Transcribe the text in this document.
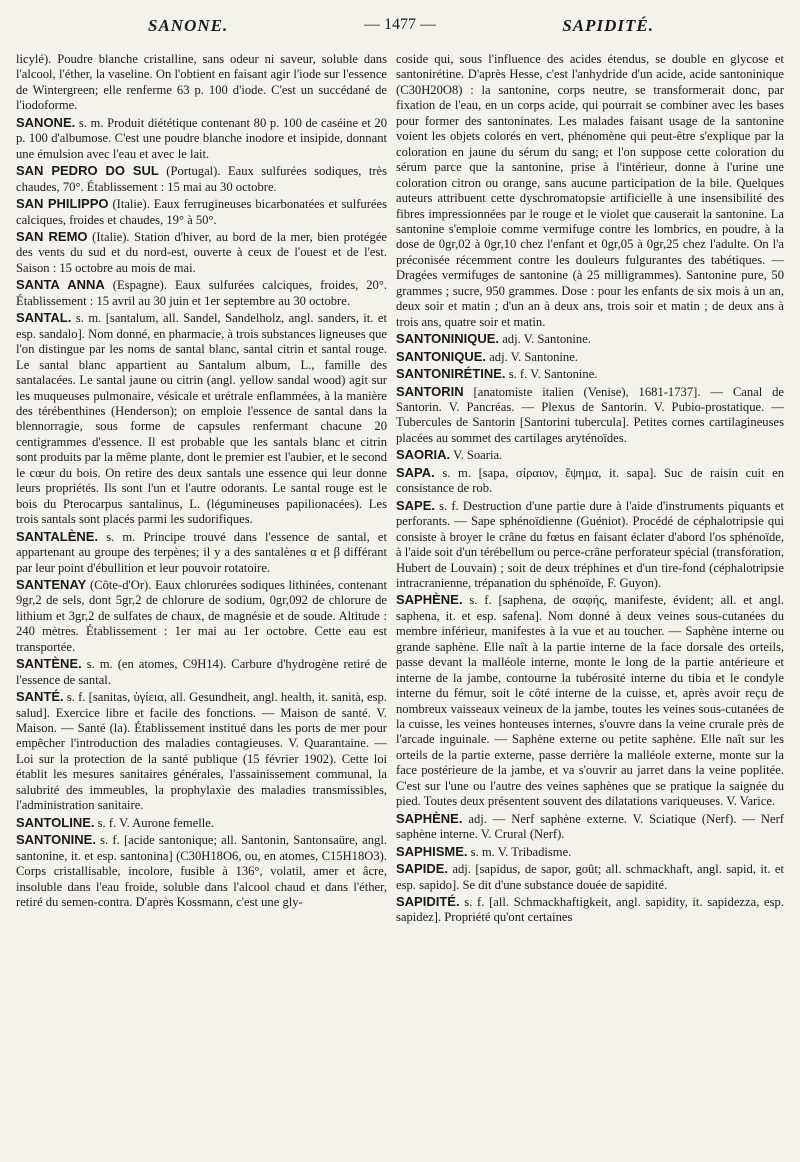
SANONE.	— 1477 —	SAPIDITÉ.

licylé). Poudre blanche cristalline, sans odeur ni saveur, soluble dans l'alcool, l'éther, la vaseline. On l'obtient en faisant agir l'iode sur l'essence de Wintergreen; elle renferme 63 p. 100 d'iode. C'est un succédané de l'iodoforme.

SANONE. s. m. Produit diététique contenant 80 p. 100 de caséine et 20 p. 100 d'albumose. C'est une poudre blanche inodore et insipide, donnant une émulsion avec l'eau et avec le lait.

SAN PEDRO DO SUL (Portugal). Eaux sulfurées sodiques, très chaudes, 70°. Établissement : 15 mai au 30 octobre.

SAN PHILIPPO (Italie). Eaux ferrugineuses bicarbonatées et sulfurées calciques, froides et chaudes, 19° à 50°.

SAN REMO (Italie). Station d'hiver, au bord de la mer, bien protégée des vents du sud et du nord-est, ouverte à ceux de l'ouest et de l'est. Saison : 15 octobre au mois de mai.

SANTA ANNA (Espagne). Eaux sulfurées calciques, froides, 20°. Établissement : 15 avril au 30 juin et 1er septembre au 30 octobre.

SANTAL. s. m. [santalum, all. Sandel, Sandelholz, angl. sanders, it. et esp. sandalo]. Nom donné, en pharmacie, à trois substances ligneuses que l'on distingue par les noms de santal blanc, santal citrin et santal rouge. Le santal blanc appartient au Santalum album, L., famille des santalacées. Le santal jaune ou citrin (angl. yellow sandal wood) agit sur les muqueuses pulmonaire, vésicale et urétrale enflammées, à la manière des térébenthines (Henderson); on emploie l'essence de santal dans la blennorragie, sous forme de capsules renfermant chacune 20 centigrammes d'essence. Il est probable que les santals blanc et citrin sont produits par la même plante, dont le premier est l'aubier, et le second le cœur du bois. On retire des deux santals une essence qui leur donne leurs propriétés. Ils sont l'un et l'autre odorants. Le santal rouge est le bois du Pterocarpus santalinus, L. (légumineuses papilionacées). Les trois santals sont placés parmi les sudorifiques.

SANTALÈNE. s. m. Principe trouvé dans l'essence de santal, et appartenant au groupe des terpènes; il y a des santalènes α et β différant par leur point d'ébullition et leur pouvoir rotatoire.

SANTENAY (Côte-d'Or). Eaux chlorurées sodiques lithinées, contenant 9gr,2 de sels, dont 5gr,2 de chlorure de sodium, 0gr,092 de chlorure de lithium et 3gr,2 de sulfates de chaux, de magnésie et de soude. Altitude : 240 mètres. Établissement : 1er mai au 1er octobre. Cette eau est transportée.

SANTÈNE. s. m. (en atomes, C9H14). Carbure d'hydrogène retiré de l'essence de santal.

SANTÉ. s. f. [sanitas, ὑγίεια, all. Gesundheit, angl. health, it. sanità, esp. salud]. Exercice libre et facile des fonctions. — Maison de santé. V. Maison. — Santé (la). Établissement institué dans les ports de mer pour empêcher l'introduction des maladies contagieuses. V. Quarantaine. — Loi sur la protection de la santé publique (15 février 1902). Cette loi établit les mesures sanitaires générales, l'assainissement communal, la salubrité des immeubles, la prophylaxie des maladies transmissibles, l'administration sanitaire.

SANTOLINE. s. f. V. Aurone femelle.

SANTONINE. s. f. [acide santonique; all. Santonin, Santonsaüre, angl. santonine, it. et esp. santonina] (C30H18O6, ou, en atomes, C15H18O3). Corps cristallisable, incolore, fusible à 136°, volatil, amer et âcre, insoluble dans l'eau froide, soluble dans l'alcool chaud et dans l'éther, retiré du semen-contra. D'après Kossmann, c'est une gly-

coside qui, sous l'influence des acides étendus, se double en glycose et santonirétine. D'après Hesse, c'est l'anhydride d'un acide, acide santoninique (C30H20O8) : la santonine, corps neutre, se transformerait donc, par fixation de l'eau, en un corps acide, qui pourrait se combiner avec les bases pour former des santoninates. Les malades faisant usage de la santonine voient les objets colorés en vert, phénomène qui peut-être s'explique par la coloration en jaune du sérum du sang; et l'on suppose cette coloration du sérum parce que la santonine, prise à l'intérieur, donne à l'urine une coloration citron ou orange, sans aucune participation de la bile. Quelques auteurs attribuent cette dyschromatopsie artificielle à une insensibilité des fibres impressionnées par le rouge et le violet que causerait la santonine. La santonine s'emploie comme vermifuge contre les lombrics, en poudre, à la dose de 0gr,02 à 0gr,10 chez l'enfant et 0gr,05 à 0gr,25 chez l'adulte. On l'a préconisée récemment contre les douleurs fulgurantes des tabétiques. — Dragées vermifuges de santonine (à 25 milligrammes). Santonine pure, 50 grammes ; sucre, 950 grammes. Dose : pour les enfants de six mois à un an, deux soir et matin ; d'un an à deux ans, trois soir et matin ; de deux ans à trois ans, quatre soir et matin.

SANTONINIQUE. adj. V. Santonine.

SANTONIQUE. adj. V. Santonine.

SANTONIRÉTINE. s. f. V. Santonine.

SANTORIN [anatomiste italien (Venise), 1681-1737]. — Canal de Santorin. V. Pancréas. — Plexus de Santorin. V. Pubio-prostatique. — Tubercules de Santorin [Santorini tubercula]. Petites cornes cartilagineuses placées au sommet des cartilages aryténoïdes.

SAORIA. V. Soaria.

SAPA. s. m. [sapa, σίραιον, ἕψημα, it. sapa]. Suc de raisin cuit en consistance de rob.

SAPE. s. f. Destruction d'une partie dure à l'aide d'instruments piquants et perforants. — Sape sphénoïdienne (Guéniot). Procédé de céphalotripsie qui consiste à broyer le crâne du fœtus en faisant éclater d'abord l'os sphénoïde, à l'aide soit d'un térébellum ou perce-crâne perforateur spécial (transforation, Hubert de Louvain) ; soit de deux tréphines et d'un tire-fond (céphalotripsie intracranienne, trépanation du sphénoïde, F. Guyon).

SAPHÈNE. s. f. [saphena, de σαφής, manifeste, évident; all. et angl. saphena, it. et esp. safena]. Nom donné à deux veines sous-cutanées du membre inférieur, manifestes à la vue et au toucher. — Saphène interne ou grande saphène. Elle naît à la partie interne de la face dorsale des orteils, passe devant la malléole interne, monte le long de la partie antérieure et interne de la jambe, contourne la tubérosité interne du tibia et le condyle interne du fémur, soit le côté interne de la cuisse, et, après avoir reçu de nombreux vaisseaux veineux de la jambe, toutes les veines sous-cutanées de la cuisse, les veines honteuses internes, s'ouvre dans la veine crurale près de l'arcade inguinale. — Saphène externe ou petite saphène. Elle naît sur les orteils de la partie externe, passe derrière la malléole externe, monte sur la face postérieure de la jambe, et va s'ouvrir au jarret dans la veine poplitée. C'est sur l'une ou l'autre des veines saphènes que se pratique la saignée du pied. Toutes deux présentent souvent des dilatations variqueuses. V. Varice.

SAPHÈNE. adj. — Nerf saphène externe. V. Sciatique (Nerf). — Nerf saphène interne. V. Crural (Nerf).

SAPHISME. s. m. V. Tribadisme.

SAPIDE. adj. [sapidus, de sapor, goût; all. schmackhaft, angl. sapid, it. et esp. sapido]. Se dit d'une substance douée de sapidité.

SAPIDITÉ. s. f. [all. Schmackhaftigkeit, angl. sapidity, it. sapidezza, esp. sapidez]. Propriété qu'ont certaines
